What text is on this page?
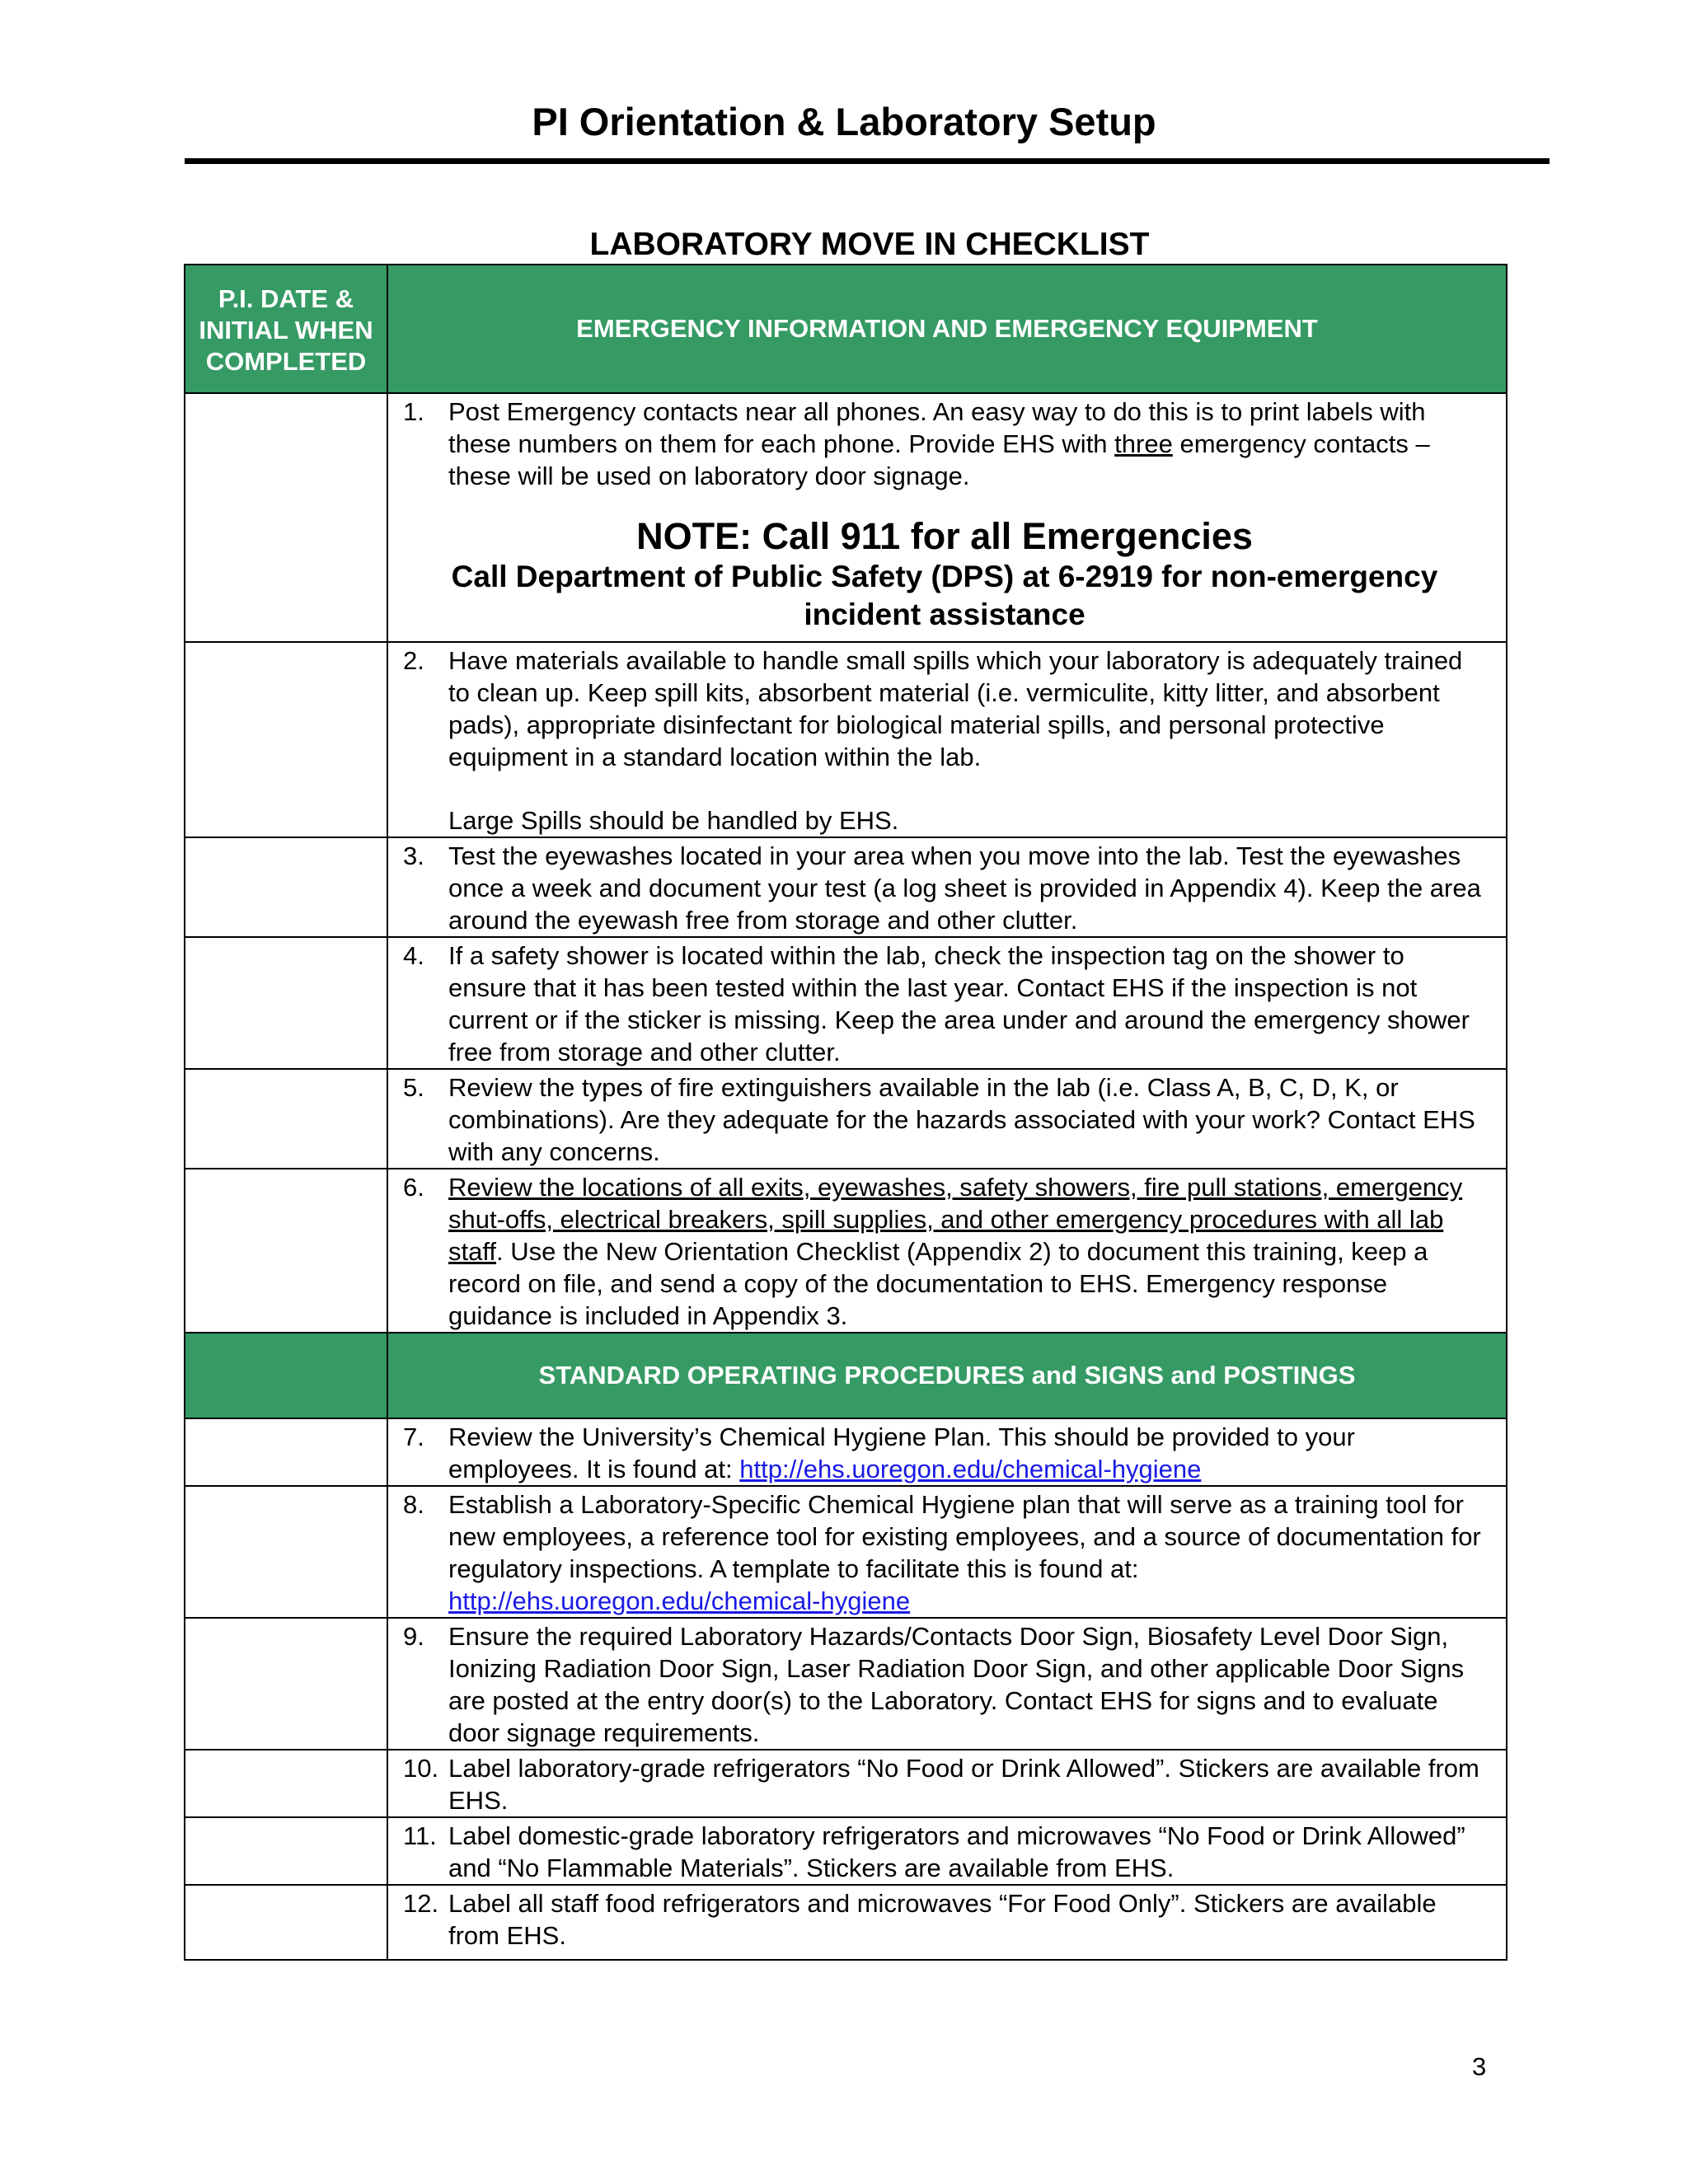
PI Orientation & Laboratory Setup
LABORATORY MOVE IN CHECKLIST
P.I. DATE & INITIAL WHEN COMPLETED	EMERGENCY INFORMATION AND EMERGENCY EQUIPMENT

	1. Post Emergency contacts near all phones. An easy way to do this is to print labels with these numbers on them for each phone. Provide EHS with three emergency contacts – these will be used on laboratory door signage.

NOTE: Call 911 for all Emergencies
Call Department of Public Safety (DPS) at 6-2919 for non-emergency incident assistance

	2. Have materials available to handle small spills which your laboratory is adequately trained to clean up. Keep spill kits, absorbent material (i.e. vermiculite, kitty litter, and absorbent pads), appropriate disinfectant for biological material spills, and personal protective equipment in a standard location within the lab.

Large Spills should be handled by EHS.

	3. Test the eyewashes located in your area when you move into the lab. Test the eyewashes once a week and document your test (a log sheet is provided in Appendix 4). Keep the area around the eyewash free from storage and other clutter.

	4. If a safety shower is located within the lab, check the inspection tag on the shower to ensure that it has been tested within the last year. Contact EHS if the inspection is not current or if the sticker is missing. Keep the area under and around the emergency shower free from storage and other clutter.

	5. Review the types of fire extinguishers available in the lab (i.e. Class A, B, C, D, K, or combinations). Are they adequate for the hazards associated with your work? Contact EHS with any concerns.

	6. Review the locations of all exits, eyewashes, safety showers, fire pull stations, emergency shut-offs, electrical breakers, spill supplies, and other emergency procedures with all lab staff. Use the New Orientation Checklist (Appendix 2) to document this training, keep a record on file, and send a copy of the documentation to EHS. Emergency response guidance is included in Appendix 3.

	STANDARD OPERATING PROCEDURES and SIGNS and POSTINGS

	7. Review the University’s Chemical Hygiene Plan. This should be provided to your employees. It is found at: http://ehs.uoregon.edu/chemical-hygiene

	8. Establish a Laboratory-Specific Chemical Hygiene plan that will serve as a training tool for new employees, a reference tool for existing employees, and a source of documentation for regulatory inspections. A template to facilitate this is found at: http://ehs.uoregon.edu/chemical-hygiene

	9. Ensure the required Laboratory Hazards/Contacts Door Sign, Biosafety Level Door Sign, Ionizing Radiation Door Sign, Laser Radiation Door Sign, and other applicable Door Signs are posted at the entry door(s) to the Laboratory. Contact EHS for signs and to evaluate door signage requirements.

	10. Label laboratory-grade refrigerators “No Food or Drink Allowed”. Stickers are available from EHS.

	11. Label domestic-grade laboratory refrigerators and microwaves “No Food or Drink Allowed” and “No Flammable Materials”. Stickers are available from EHS.

	12. Label all staff food refrigerators and microwaves “For Food Only”. Stickers are available from EHS.

3
